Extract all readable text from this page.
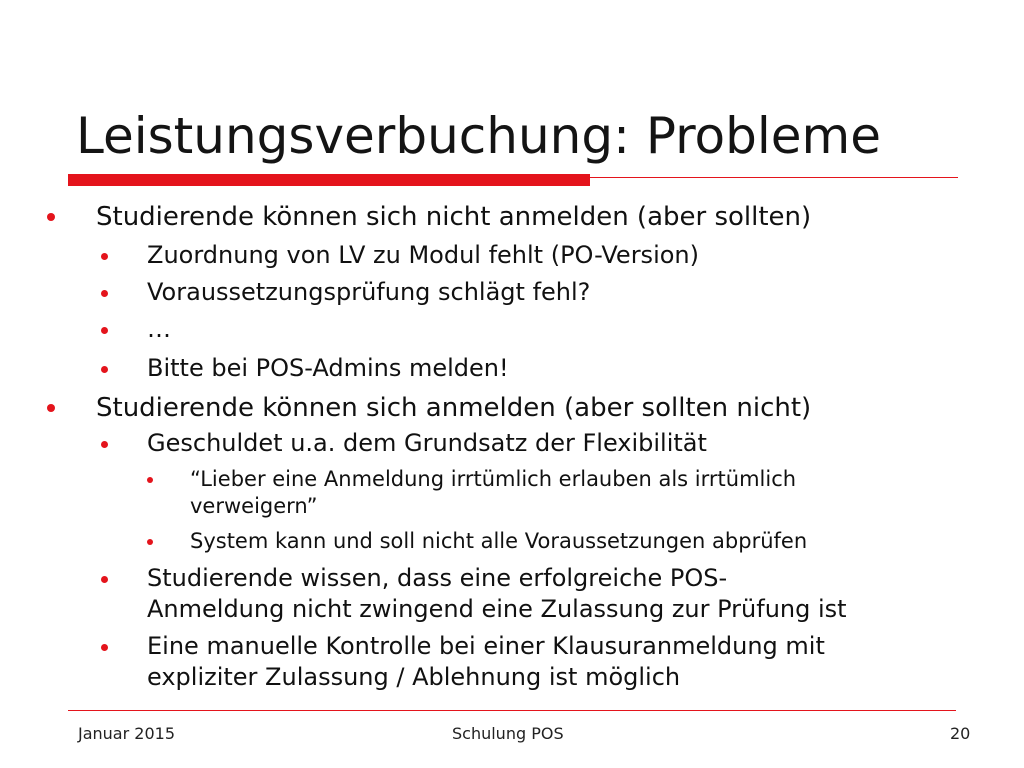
Leistungsverbuchung: Probleme
Studierende können sich nicht anmelden (aber sollten)
Zuordnung von LV zu Modul fehlt (PO-Version)
Voraussetzungsprüfung schlägt fehl?
…
Bitte bei POS-Admins melden!
Studierende können sich anmelden (aber sollten nicht)
Geschuldet u.a. dem Grundsatz der Flexibilität
“Lieber eine Anmeldung irrtümlich erlauben als irrtümlich
verweigern”
System kann und soll nicht alle Voraussetzungen abprüfen
Studierende wissen, dass eine erfolgreiche POS-
Anmeldung nicht zwingend eine Zulassung zur Prüfung ist
Eine manuelle Kontrolle bei einer Klausuranmeldung mit
expliziter Zulassung / Ablehnung ist möglich
Januar 2015	Schulung POS	20
